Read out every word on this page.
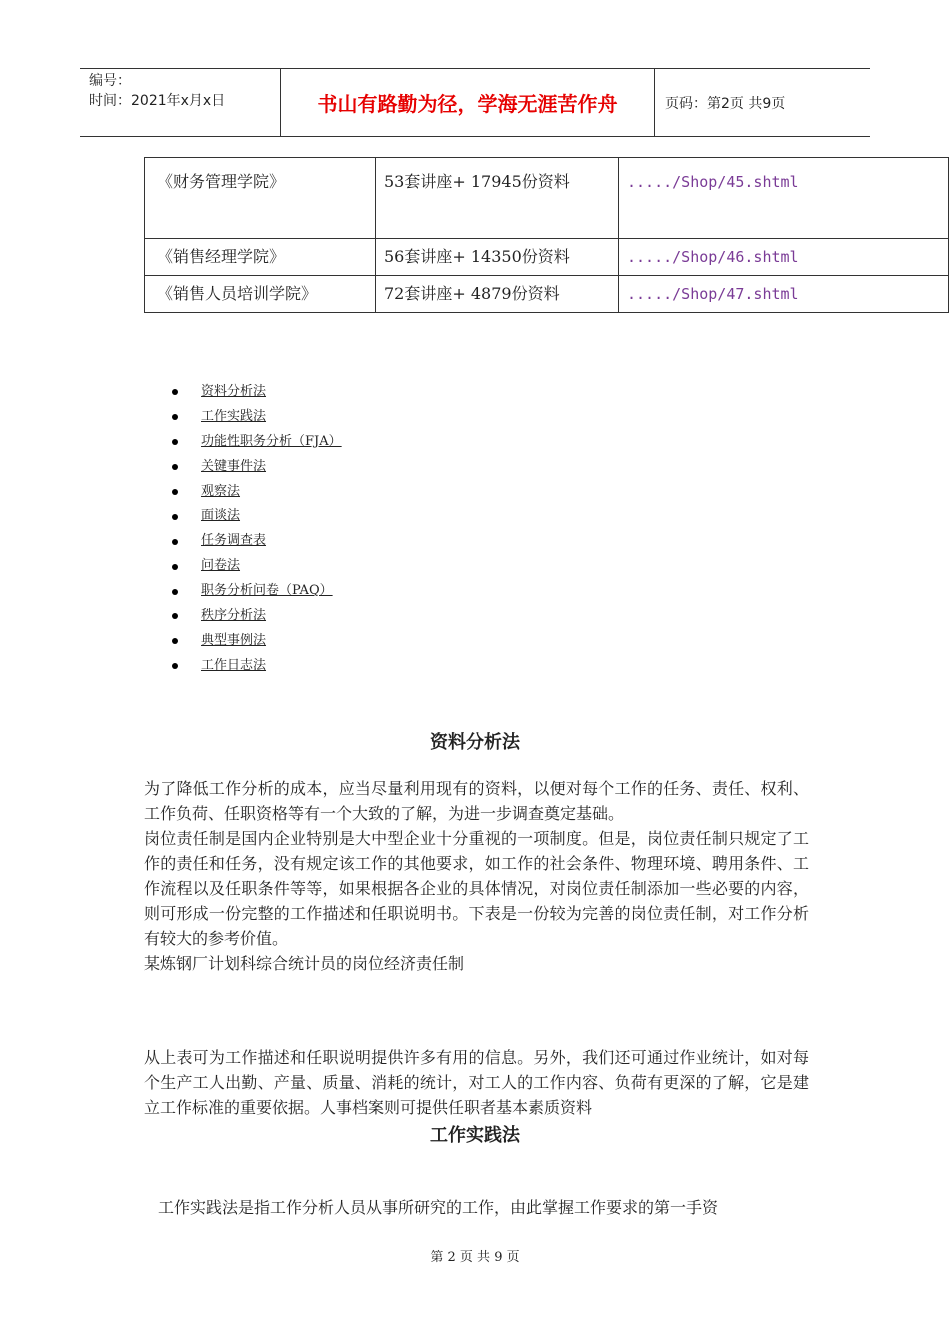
编号：
时间：2021年x月x日	书山有路勤为径，学海无涯苦作舟	页码：第2页 共9页
《财务管理学院》	53套讲座+ 17945份资料	...../Shop/45.shtml
《销售经理学院》	56套讲座+ 14350份资料	...../Shop/46.shtml
《销售人员培训学院》	72套讲座+ 4879份资料	...../Shop/47.shtml
资料分析法
工作实践法
功能性职务分析（FJA）
关键事件法
观察法
面谈法
任务调查表
问卷法
职务分析问卷（PAQ）
秩序分析法
典型事例法
工作日志法
资料分析法

为了降低工作分析的成本，应当尽量利用现有的资料，以便对每个工作的任务、责任、权利、工作负荷、任职资格等有一个大致的了解，为进一步调查奠定基础。

岗位责任制是国内企业特别是大中型企业十分重视的一项制度。但是，岗位责任制只规定了工作的责任和任务，没有规定该工作的其他要求，如工作的社会条件、物理环境、聘用条件、工作流程以及任职条件等等，如果根据各企业的具体情况，对岗位责任制添加一些必要的内容，则可形成一份完整的工作描述和任职说明书。下表是一份较为完善的岗位责任制，对工作分析有较大的参考价值。

某炼钢厂计划科综合统计员的岗位经济责任制

从上表可为工作描述和任职说明提供许多有用的信息。另外，我们还可通过作业统计，如对每个生产工人出勤、产量、质量、消耗的统计，对工人的工作内容、负荷有更深的了解，它是建立工作标准的重要依据。人事档案则可提供任职者基本素质资料

工作实践法

工作实践法是指工作分析人员从事所研究的工作，由此掌握工作要求的第一手资

第 2 页 共 9 页
